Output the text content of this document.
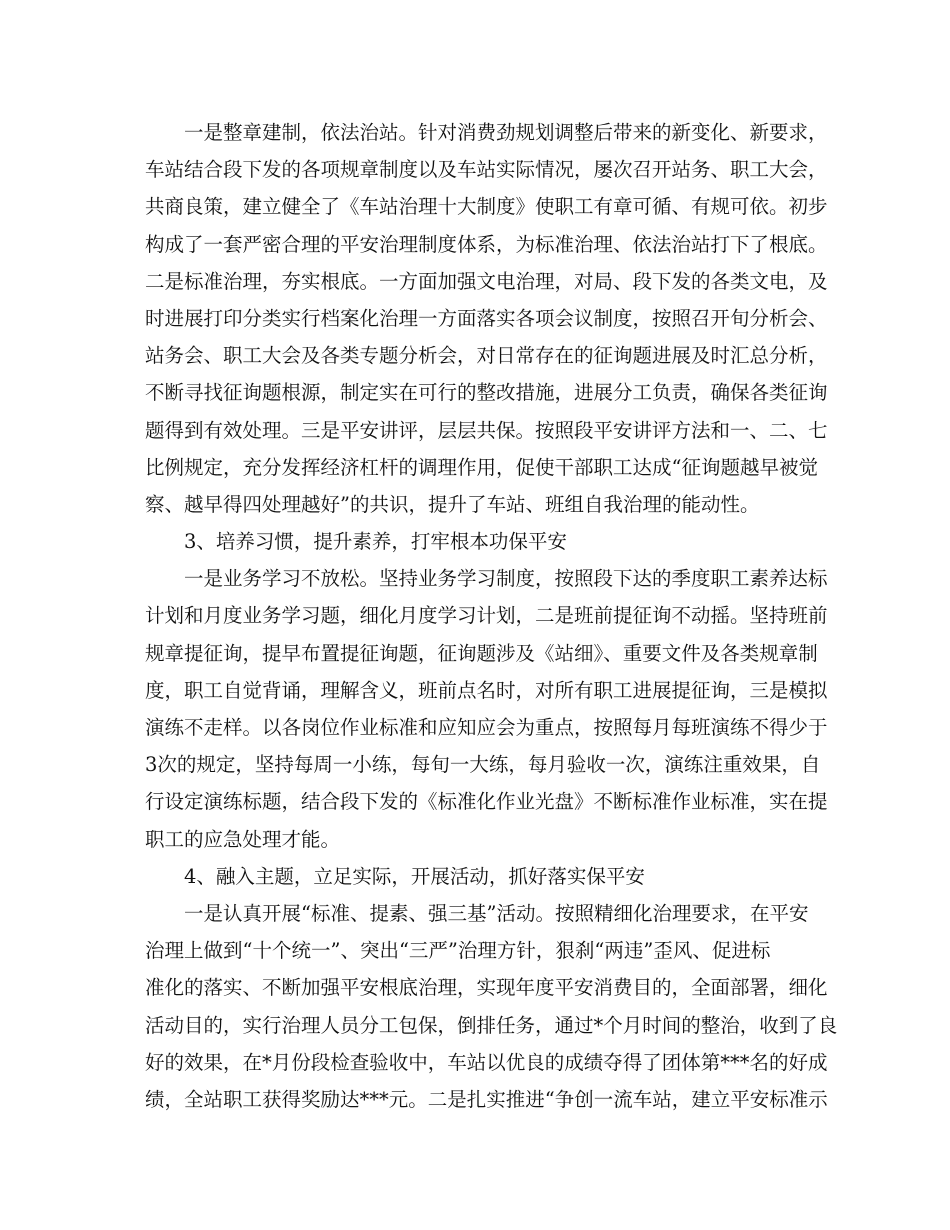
一是整章建制，依法治站。针对消费劲规划调整后带来的新变化、新要求，
车站结合段下发的各项规章制度以及车站实际情况，屡次召开站务、职工大会，
共商良策，建立健全了《车站治理十大制度》使职工有章可循、有规可依。初步
构成了一套严密合理的平安治理制度体系，为标准治理、依法治站打下了根底。
二是标准治理，夯实根底。一方面加强文电治理，对局、段下发的各类文电，及
时进展打印分类实行档案化治理一方面落实各项会议制度，按照召开旬分析会、
站务会、职工大会及各类专题分析会，对日常存在的征询题进展及时汇总分析，
不断寻找征询题根源，制定实在可行的整改措施，进展分工负责，确保各类征询
题得到有效处理。三是平安讲评，层层共保。按照段平安讲评方法和一、二、七
比例规定，充分发挥经济杠杆的调理作用，促使干部职工达成“征询题越早被觉
察、越早得四处理越好”的共识，提升了车站、班组自我治理的能动性。
3、培养习惯，提升素养，打牢根本功保平安
一是业务学习不放松。坚持业务学习制度，按照段下达的季度职工素养达标
计划和月度业务学习题，细化月度学习计划，二是班前提征询不动摇。坚持班前
规章提征询，提早布置提征询题，征询题涉及《站细》、重要文件及各类规章制
度，职工自觉背诵，理解含义，班前点名时，对所有职工进展提征询，三是模拟
演练不走样。以各岗位作业标准和应知应会为重点，按照每月每班演练不得少于
3次的规定，坚持每周一小练，每旬一大练，每月验收一次，演练注重效果，自
行设定演练标题，结合段下发的《标准化作业光盘》不断标准作业标准，实在提
职工的应急处理才能。
4、融入主题，立足实际，开展活动，抓好落实保平安
一是认真开展“标准、提素、强三基”活动。按照精细化治理要求，在平安
治理上做到“十个统一”、突出“三严”治理方针，狠刹“两违”歪风、促进标
准化的落实、不断加强平安根底治理，实现年度平安消费目的，全面部署，细化
活动目的，实行治理人员分工包保，倒排任务，通过*个月时间的整治，收到了良
好的效果，在*月份段检查验收中，车站以优良的成绩夺得了团体第***名的好成
绩，全站职工获得奖励达***元。二是扎实推进“争创一流车站，建立平安标准示
